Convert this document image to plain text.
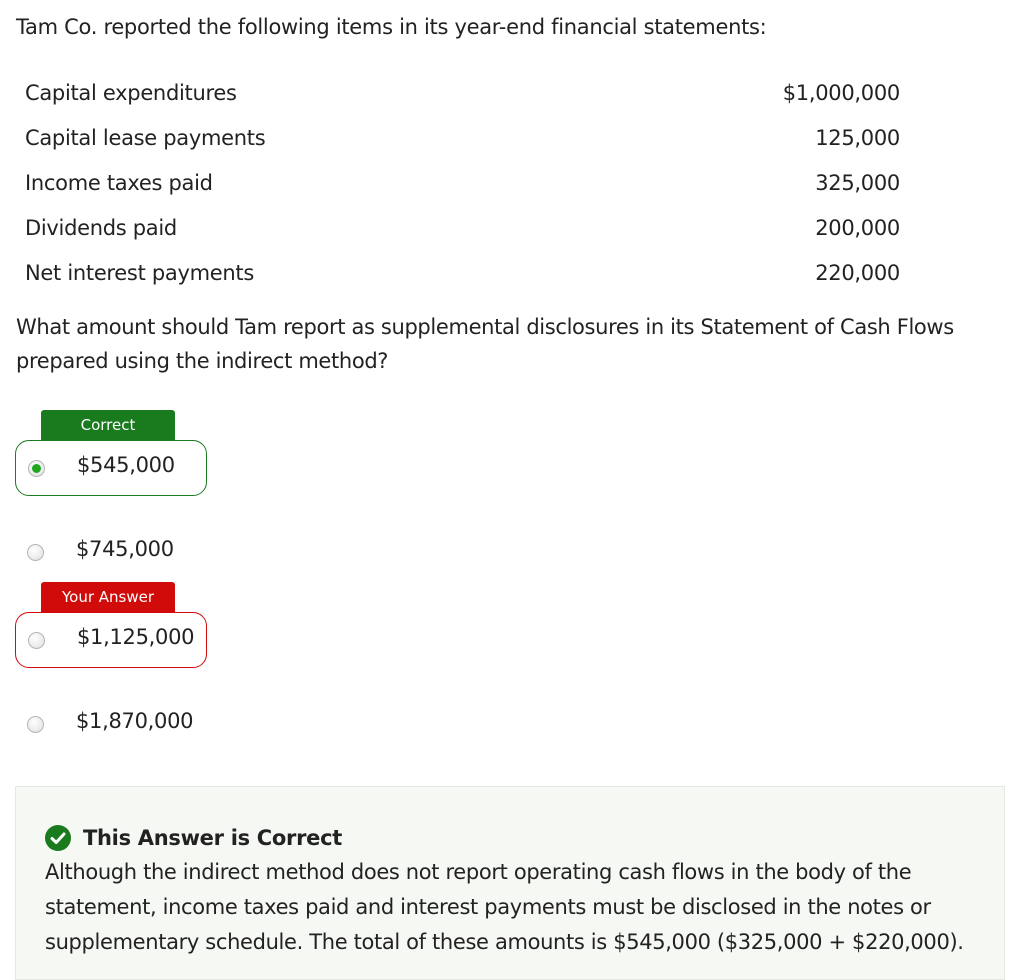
Tam Co. reported the following items in its year-end financial statements:

Capital expenditures	$1,000,000
Capital lease payments	125,000
Income taxes paid	325,000
Dividends paid	200,000
Net interest payments	220,000

What amount should Tam report as supplemental disclosures in its Statement of Cash Flows prepared using the indirect method?

Correct
$545,000
$745,000
Your Answer
$1,125,000
$1,870,000
This Answer is Correct

Although the indirect method does not report operating cash flows in the body of the statement, income taxes paid and interest payments must be disclosed in the notes or supplementary schedule. The total of these amounts is $545,000 ($325,000 + $220,000).
